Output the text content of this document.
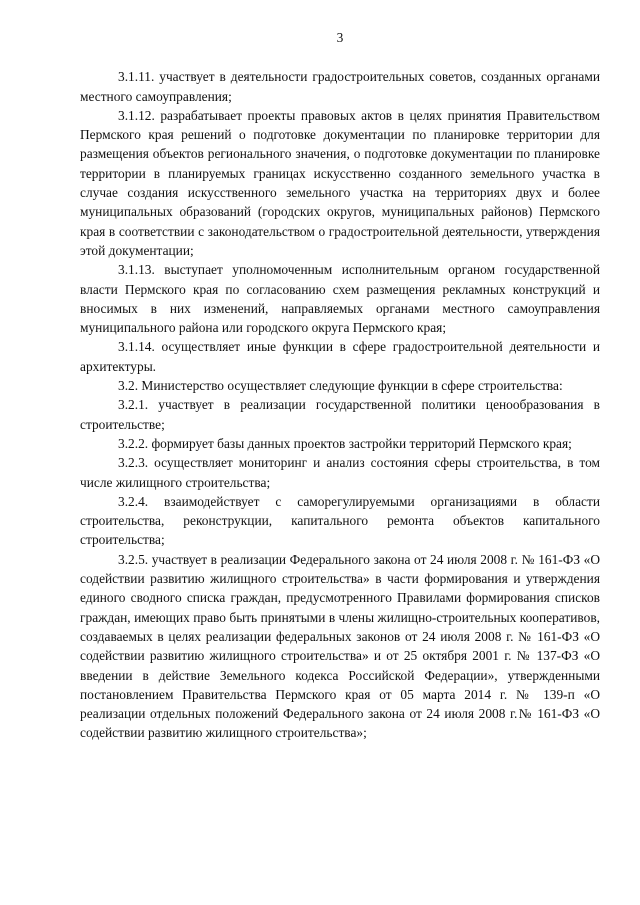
3

3.1.11. участвует в деятельности градостроительных советов, созданных органами местного самоуправления;

3.1.12. разрабатывает проекты правовых актов в целях принятия Правительством Пермского края решений о подготовке документации по планировке территории для размещения объектов регионального значения, о подготовке документации по планировке территории в планируемых границах искусственно созданного земельного участка в случае создания искусственного земельного участка на территориях двух и более муниципальных образований (городских округов, муниципальных районов) Пермского края в соответствии с законодательством о градостроительной деятельности, утверждения этой документации;

3.1.13. выступает уполномоченным исполнительным органом государственной власти Пермского края по согласованию схем размещения рекламных конструкций и вносимых в них изменений, направляемых органами местного самоуправления муниципального района или городского округа Пермского края;

3.1.14. осуществляет иные функции в сфере градостроительной деятельности и архитектуры.

3.2. Министерство осуществляет следующие функции в сфере строительства:

3.2.1. участвует в реализации государственной политики ценообразования в строительстве;

3.2.2. формирует базы данных проектов застройки территорий Пермского края;

3.2.3. осуществляет мониторинг и анализ состояния сферы строительства, в том числе жилищного строительства;

3.2.4. взаимодействует с саморегулируемыми организациями в области строительства, реконструкции, капитального ремонта объектов капитального строительства;

3.2.5. участвует в реализации Федерального закона от 24 июля 2008 г. № 161-ФЗ «О содействии развитию жилищного строительства» в части формирования и утверждения единого сводного списка граждан, предусмотренного Правилами формирования списков граждан, имеющих право быть принятыми в члены жилищно-строительных кооперативов, создаваемых в целях реализации федеральных законов от 24 июля 2008 г. № 161-ФЗ «О содействии развитию жилищного строительства» и от 25 октября 2001 г. № 137-ФЗ «О введении в действие Земельного кодекса Российской Федерации», утвержденными постановлением Правительства Пермского края от 05 марта 2014 г. № 139-п «О реализации отдельных положений Федерального закона от 24 июля 2008 г.№ 161-ФЗ «О содействии развитию жилищного строительства»;
